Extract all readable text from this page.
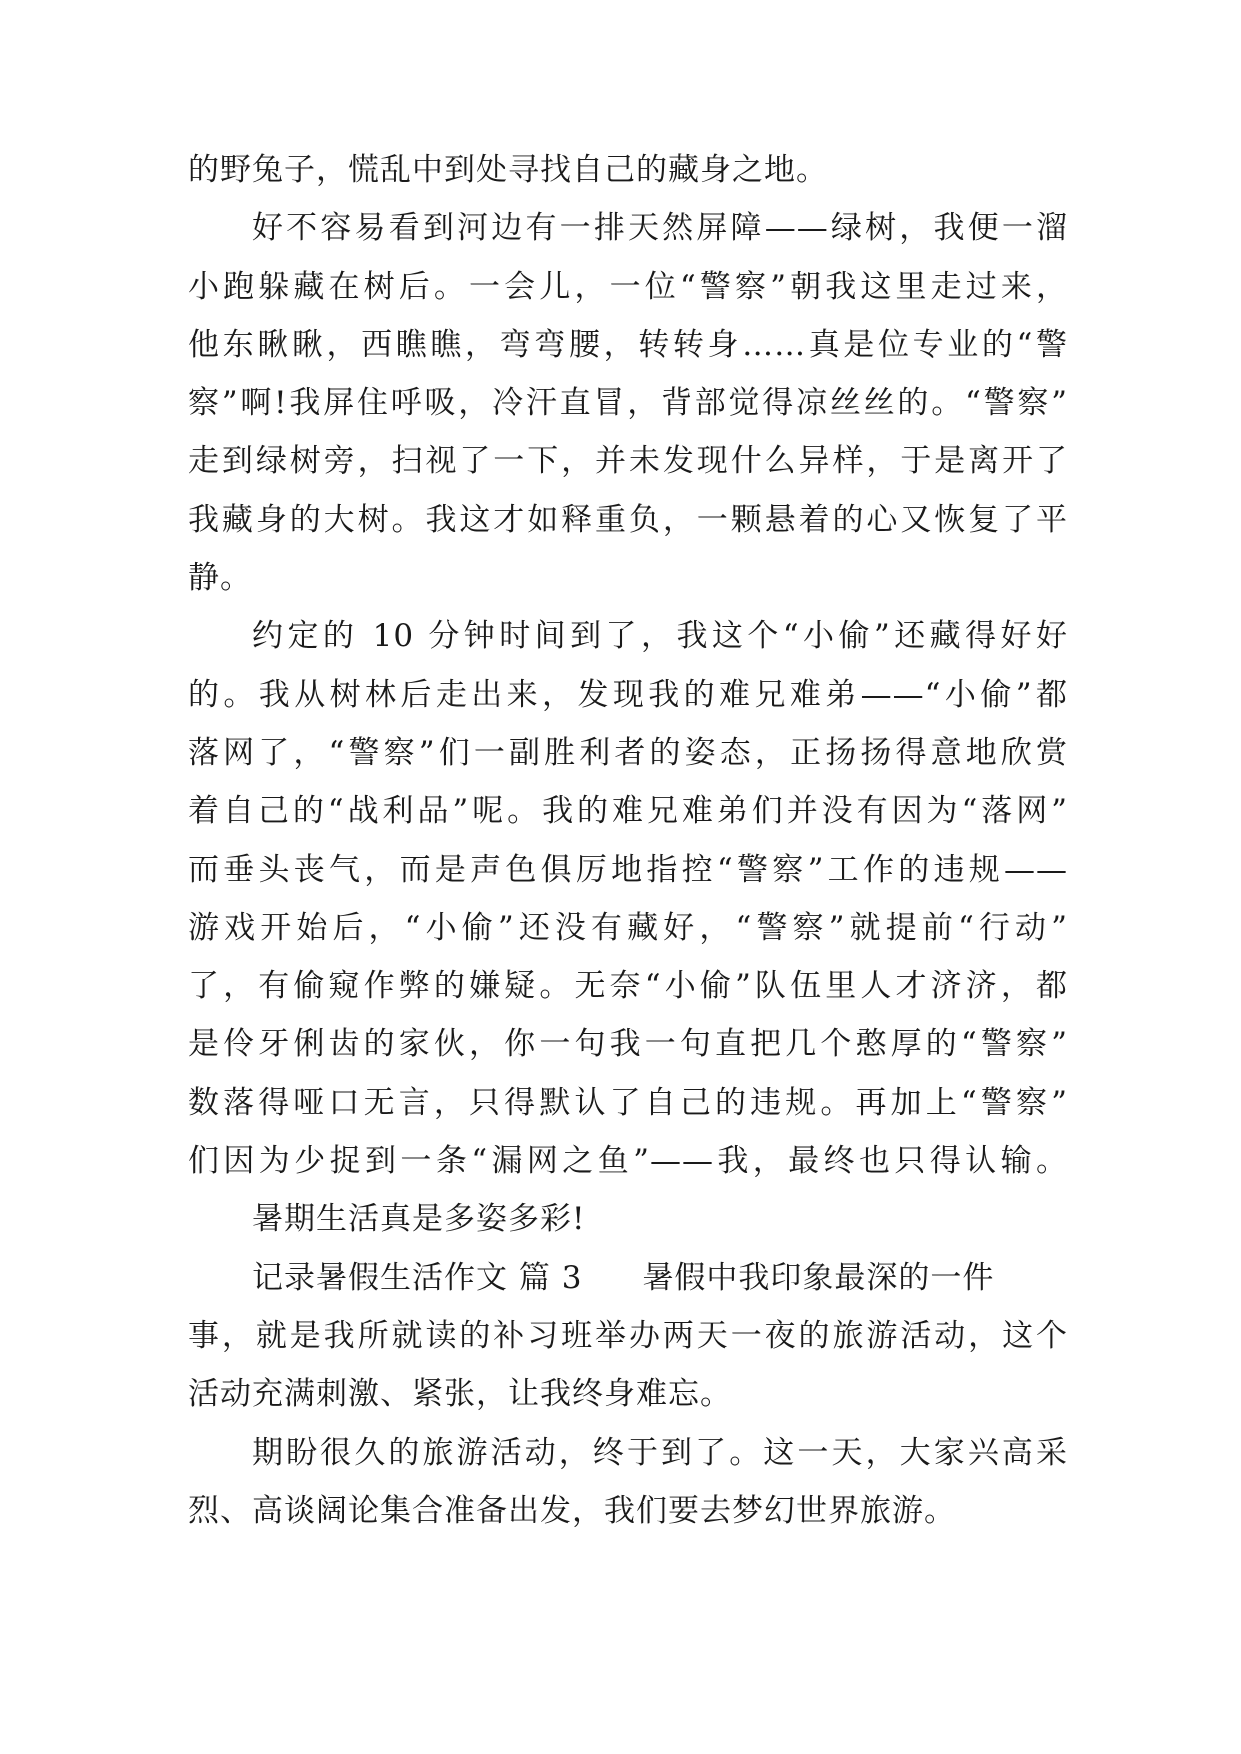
的野兔子，慌乱中到处寻找自己的藏身之地。
好不容易看到河边有一排天然屏障——绿树，我便一溜
小跑躲藏在树后。一会儿，一位“警察”朝我这里走过来，
他东瞅瞅，西瞧瞧，弯弯腰，转转身……真是位专业的“警
察”啊!我屏住呼吸，冷汗直冒，背部觉得凉丝丝的。“警察”
走到绿树旁，扫视了一下，并未发现什么异样，于是离开了
我藏身的大树。我这才如释重负，一颗悬着的心又恢复了平
静。
约定的 10 分钟时间到了，我这个“小偷”还藏得好好
的。我从树林后走出来，发现我的难兄难弟——“小偷”都
落网了，“警察”们一副胜利者的姿态，正扬扬得意地欣赏
着自己的“战利品”呢。我的难兄难弟们并没有因为“落网”
而垂头丧气，而是声色俱厉地指控“警察”工作的违规——
游戏开始后，“小偷”还没有藏好，“警察”就提前“行动”
了，有偷窥作弊的嫌疑。无奈“小偷”队伍里人才济济，都
是伶牙俐齿的家伙，你一句我一句直把几个憨厚的“警察”
数落得哑口无言，只得默认了自己的违规。再加上“警察”
们因为少捉到一条“漏网之鱼”——我，最终也只得认输。
暑期生活真是多姿多彩!
记录暑假生活作文 篇 3 暑假中我印象最深的一件
事，就是我所就读的补习班举办两天一夜的旅游活动，这个
活动充满刺激、紧张，让我终身难忘。
期盼很久的旅游活动，终于到了。这一天，大家兴高采
烈、高谈阔论集合准备出发，我们要去梦幻世界旅游。
